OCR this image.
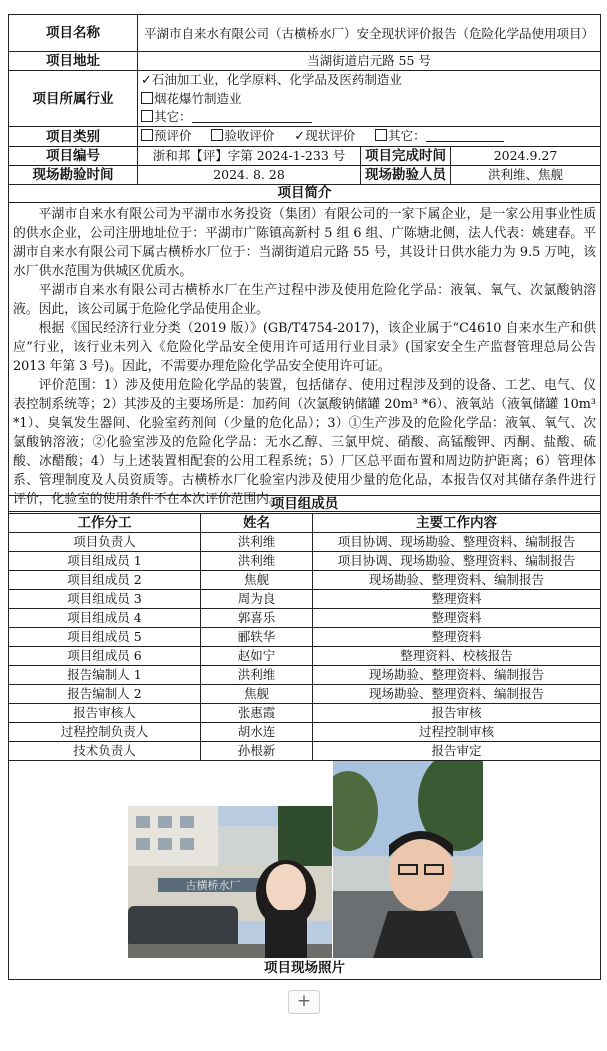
项目名称	平湖市自来水有限公司（古横桥水厂）安全现状评价报告（危险化学品使用项目）		
项目地址	当湖街道启元路 55 号		
项目所属行业	✓石油加工业，化学原料、化学品及医药制造业
烟花爆竹制造业
其它：		

项目类别	预评价 验收评价 ✓现状评价 其它：		
项目编号	浙和邦【评】字第 2024-1-233 号	项目完成时间	2024.9.27
现场勘验时间	2024. 8. 28	现场勘验人员	洪利维、焦舰
项目简介			

平湖市自来水有限公司为平湖市水务投资（集团）有限公司的一家下属企业，是一家公用事业性质的供水企业，公司注册地址位于：平湖市广陈镇高新村 5 组 6 组、广陈塘北侧，法人代表：姚建春。平湖市自来水有限公司下属古横桥水厂位于：当湖街道启元路 55 号，其设计日供水能力为 9.5 万吨，该水厂供水范围为供城区优质水。

平湖市自来水有限公司古横桥水厂在生产过程中涉及使用危险化学品：液氧、氧气、次氯酸钠溶液。因此，该公司属于危险化学品使用企业。

根据《国民经济行业分类（2019 版）》(GB/T4754-2017)，该企业属于“C4610 自来水生产和供应”行业，该行业未列入《危险化学品安全使用许可适用行业目录》(国家安全生产监督管理总局公告 2013 年第 3 号)。因此，不需要办理危险化学品安全使用许可证。

评价范围：1）涉及使用危险化学品的装置，包括储存、使用过程涉及到的设备、工艺、电气、仪表控制系统等；2）其涉及的主要场所是：加药间（次氯酸钠储罐 20m³ *6）、液氧站（液氧储罐 10m³ *1）、臭氧发生器间、化验室药剂间（少量的危化品）；3）①生产涉及的危险化学品：液氧、氧气、次氯酸钠溶液；②化验室涉及的危险化学品：无水乙醇、三氯甲烷、硝酸、高锰酸钾、丙酮、盐酸、硫酸、冰醋酸；4）与上述装置相配套的公用工程系统；5）厂区总平面布置和周边防护距离；6）管理体系、管理制度及人员资质等。古横桥水厂化验室内涉及使用少量的危化品，本报告仅对其储存条件进行评价，化验室的使用条件不在本次评价范围内。			

项目组成员		
工作分工	姓名	主要工作内容
项目负责人	洪利维	项目协调、现场勘验、整理资料、编制报告
项目组成员 1	洪利维	项目协调、现场勘验、整理资料、编制报告
项目组成员 2	焦舰	现场勘验、整理资料、编制报告
项目组成员 3	周为良	整理资料
项目组成员 4	郭喜乐	整理资料
项目组成员 5	郦轶华	整理资料
项目组成员 6	赵如宁	整理资料、校核报告
报告编制人 1	洪利维	现场勘验、整理资料、编制报告
报告编制人 2	焦舰	现场勘验、整理资料、编制报告
报告审核人	张惠霞	报告审核
过程控制负责人	胡水连	过程控制审核
技术负责人	孙根新	报告审定

古横桥水厂
项目现场照片		
+
